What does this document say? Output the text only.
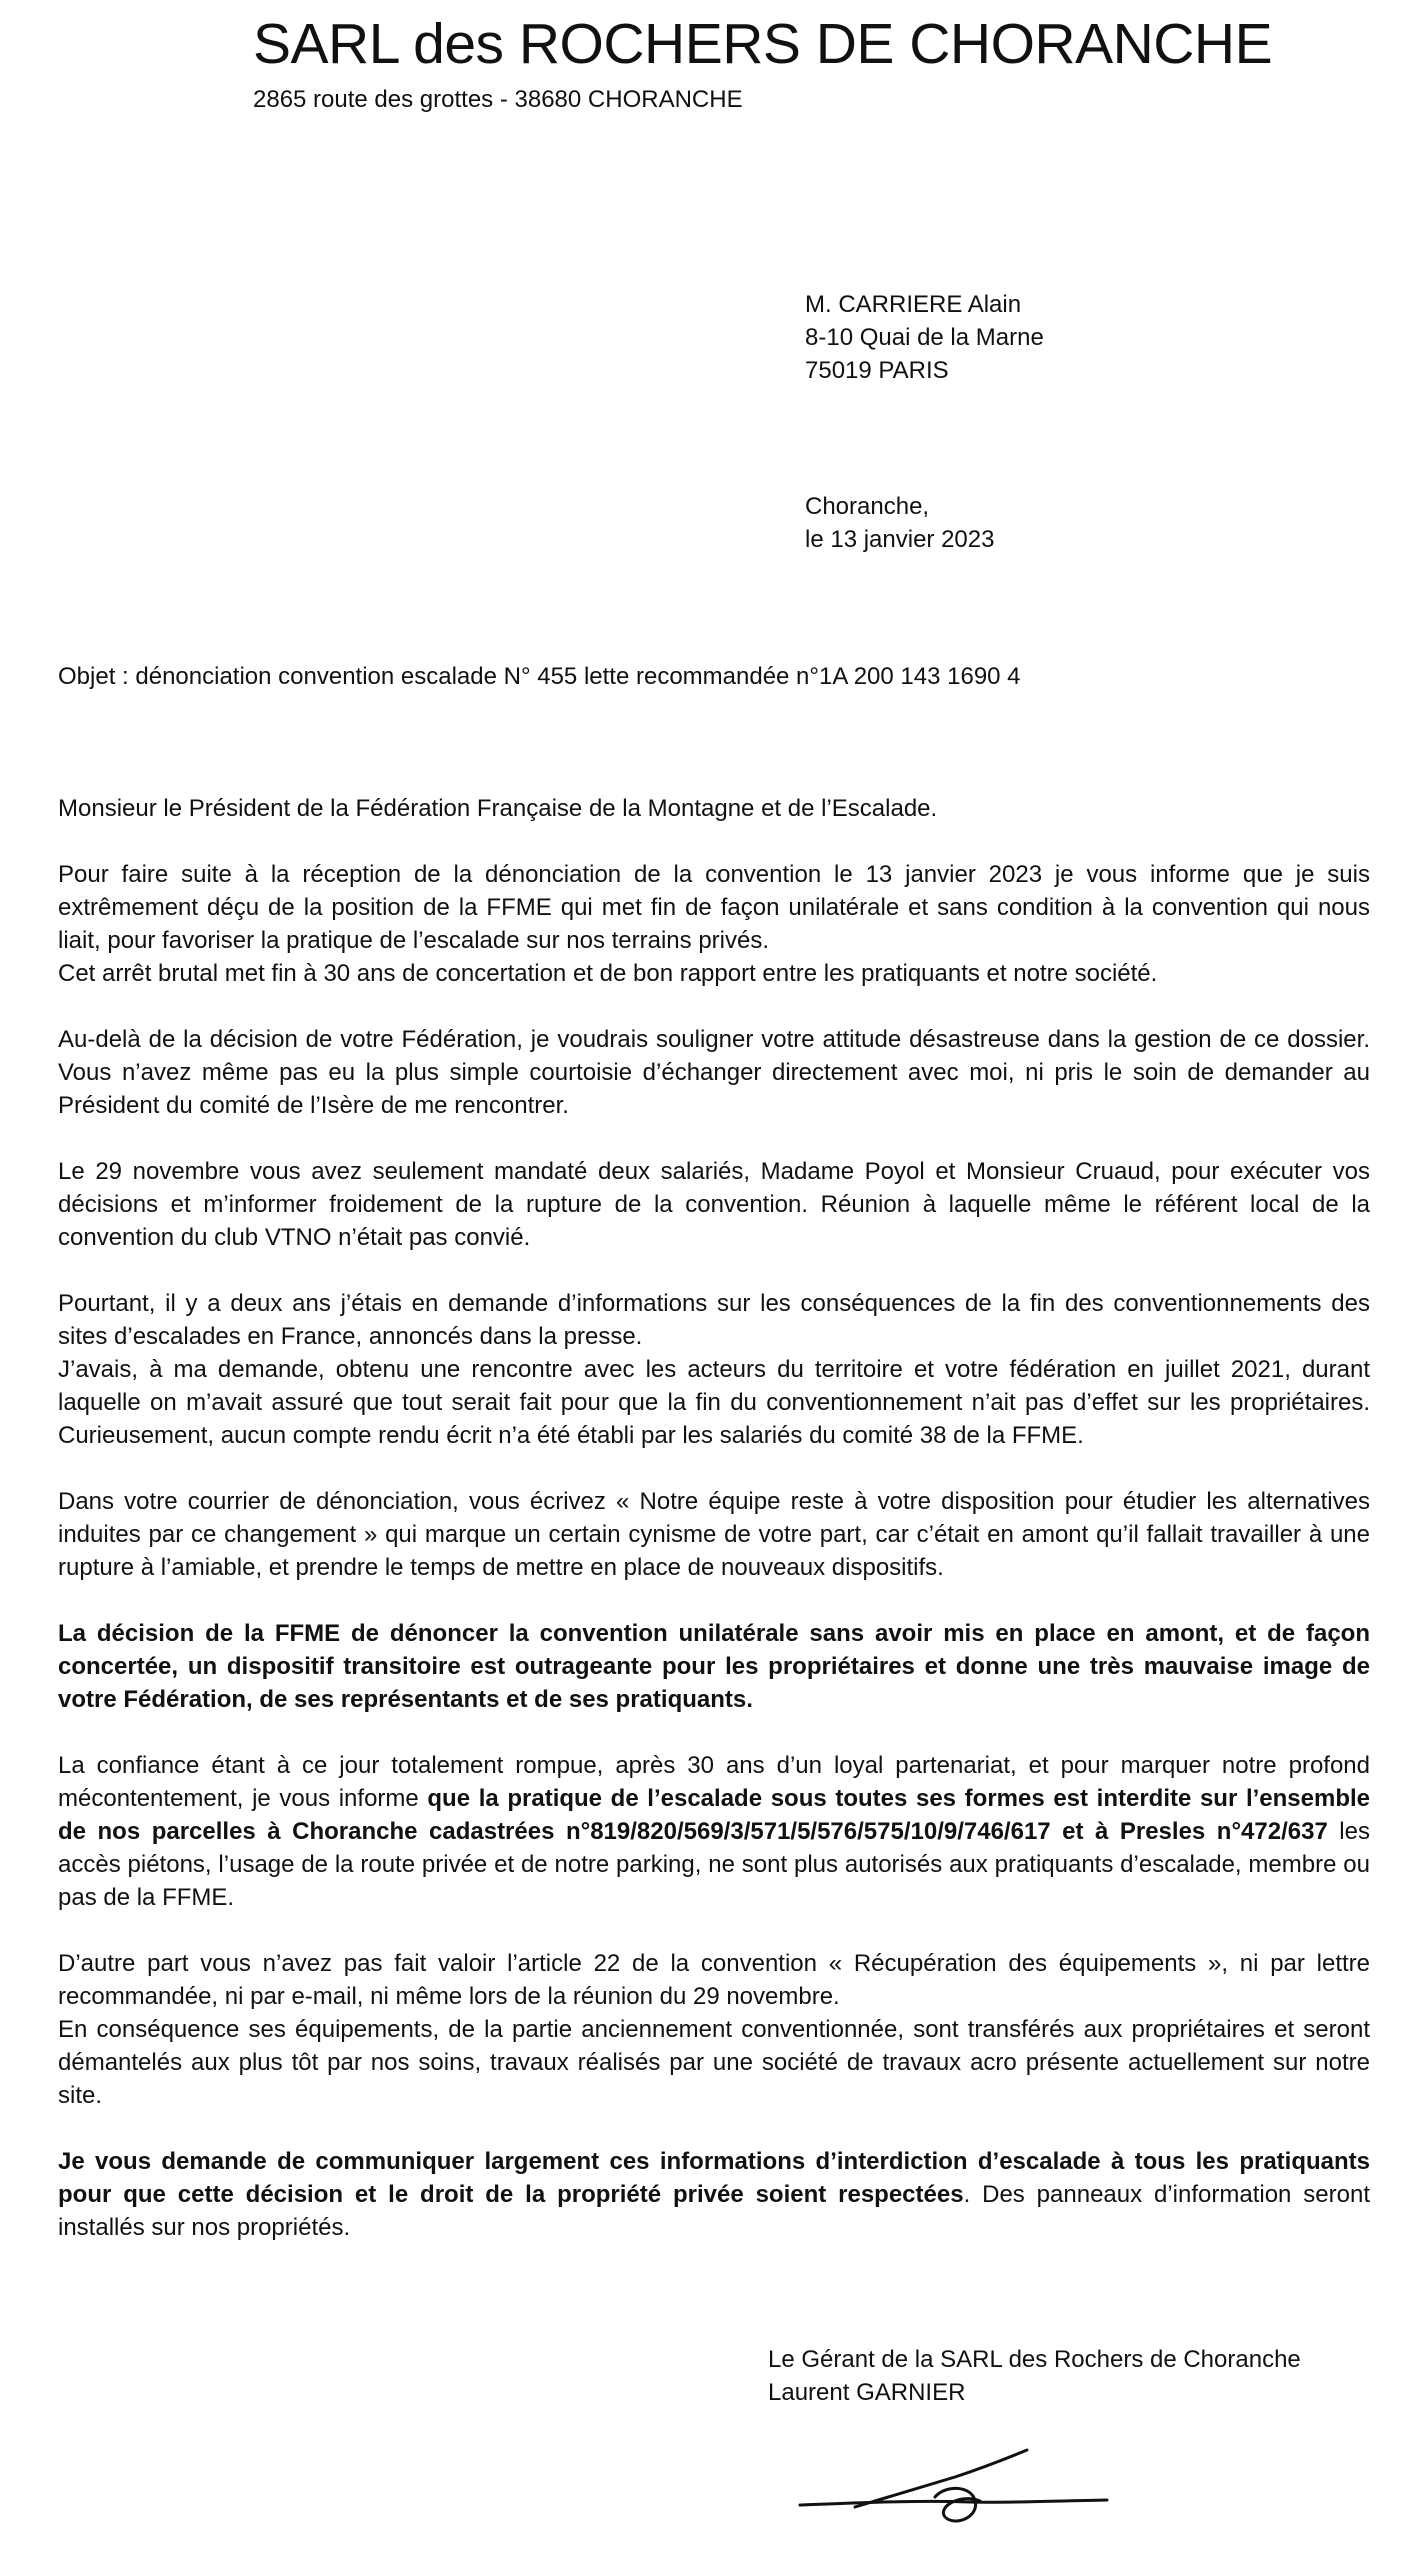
SARL des ROCHERS DE CHORANCHE
2865 route des grottes - 38680 CHORANCHE
M. CARRIERE Alain
8-10 Quai de la Marne
75019 PARIS
Choranche,
le 13 janvier 2023
Objet : dénonciation convention escalade N° 455 lette recommandée n°1A 200 143 1690 4

Monsieur le Président de la Fédération Française de la Montagne et de l’Escalade.

Pour faire suite à la réception de la dénonciation de la convention le 13 janvier 2023 je vous informe que je suis extrêmement déçu de la position de la FFME qui met fin de façon unilatérale et sans condition à la convention qui nous liait, pour favoriser la pratique de l’escalade sur nos terrains privés.
Cet arrêt brutal met fin à 30 ans de concertation et de bon rapport entre les pratiquants et notre société.

Au-delà de la décision de votre Fédération, je voudrais souligner votre attitude désastreuse dans la gestion de ce dossier. Vous n’avez même pas eu la plus simple courtoisie d’échanger directement avec moi, ni pris le soin de demander au Président du comité de l’Isère de me rencontrer.

Le 29 novembre vous avez seulement mandaté deux salariés, Madame Poyol et Monsieur Cruaud, pour exécuter vos décisions et m’informer froidement de la rupture de la convention. Réunion à laquelle même le référent local de la convention du club VTNO n’était pas convié.

Pourtant, il y a deux ans j’étais en demande d’informations sur les conséquences de la fin des conventionnements des sites d’escalades en France, annoncés dans la presse.
J’avais, à ma demande, obtenu une rencontre avec les acteurs du territoire et votre fédération en juillet 2021, durant laquelle on m’avait assuré que tout serait fait pour que la fin du conventionnement n’ait pas d’effet sur les propriétaires. Curieusement, aucun compte rendu écrit n’a été établi par les salariés du comité 38 de la FFME.

Dans votre courrier de dénonciation, vous écrivez « Notre équipe reste à votre disposition pour étudier les alternatives induites par ce changement » qui marque un certain cynisme de votre part, car c’était en amont qu’il fallait travailler à une rupture à l’amiable, et prendre le temps de mettre en place de nouveaux dispositifs.

La décision de la FFME de dénoncer la convention unilatérale sans avoir mis en place en amont, et de façon concertée, un dispositif transitoire est outrageante pour les propriétaires et donne une très mauvaise image de votre Fédération, de ses représentants et de ses pratiquants.

La confiance étant à ce jour totalement rompue, après 30 ans d’un loyal partenariat, et pour marquer notre profond mécontentement, je vous informe que la pratique de l’escalade sous toutes ses formes est interdite sur l’ensemble de nos parcelles à Choranche cadastrées n°819/820/569/3/571/5/576/575/10/9/746/617 et à Presles n°472/637 les accès piétons, l’usage de la route privée et de notre parking, ne sont plus autorisés aux pratiquants d’escalade, membre ou pas de la FFME.

D’autre part vous n’avez pas fait valoir l’article 22 de la convention « Récupération des équipements », ni par lettre recommandée, ni par e-mail, ni même lors de la réunion du 29 novembre.
En conséquence ses équipements, de la partie anciennement conventionnée, sont transférés aux propriétaires et seront démantelés aux plus tôt par nos soins, travaux réalisés par une société de travaux acro présente actuellement sur notre site.

Je vous demande de communiquer largement ces informations d’interdiction d’escalade à tous les pratiquants pour que cette décision et le droit de la propriété privée soient respectées. Des panneaux d’information seront installés sur nos propriétés.

Le Gérant de la SARL des Rochers de Choranche
Laurent GARNIER
